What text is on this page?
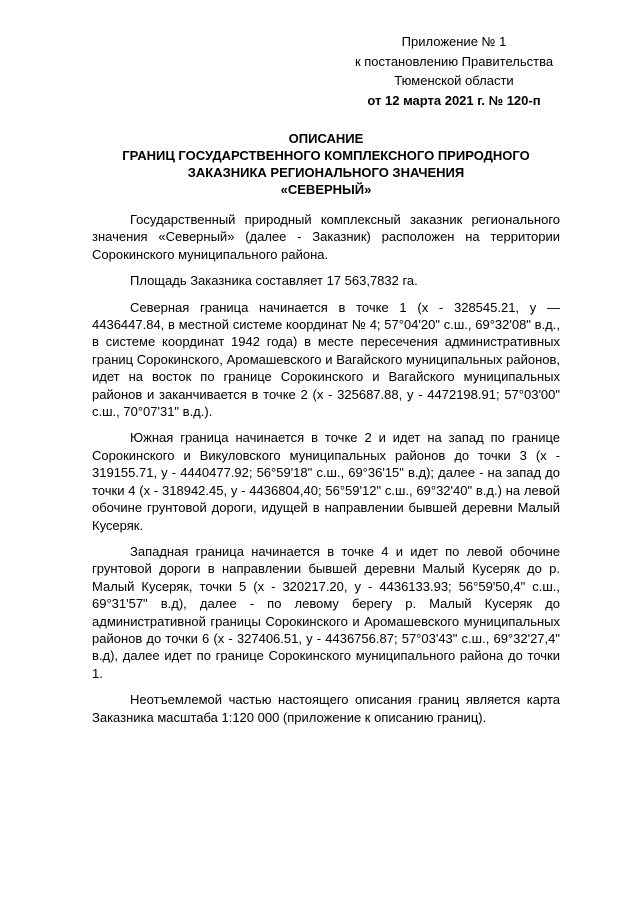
Приложение № 1
к постановлению Правительства
Тюменской области
от 12 марта 2021 г. № 120-п
ОПИСАНИЕ
ГРАНИЦ ГОСУДАРСТВЕННОГО КОМПЛЕКСНОГО ПРИРОДНОГО
ЗАКАЗНИКА РЕГИОНАЛЬНОГО ЗНАЧЕНИЯ
«СЕВЕРНЫЙ»

Государственный природный комплексный заказник регионального значения «Северный» (далее - Заказник) расположен на территории Сорокинского муниципального района.

Площадь Заказника составляет 17 563,7832 га.

Северная граница начинается в точке 1 (х - 328545.21, у — 4436447.84, в местной системе координат № 4; 57°04'20" с.ш., 69°32'08" в.д., в системе координат 1942 года) в месте пересечения административных границ Сорокинского, Аромашевского и Вагайского муниципальных районов, идет на восток по границе Сорокинского и Вагайского муниципальных районов и заканчивается в точке 2 (х - 325687.88, у - 4472198.91; 57°03'00" с.ш., 70°07'31" в.д.).

Южная граница начинается в точке 2 и идет на запад по границе Сорокинского и Викуловского муниципальных районов до точки 3 (х - 319155.71, у - 4440477.92; 56°59'18" с.ш., 69°36'15" в.д); далее - на запад до точки 4 (х - 318942.45, у - 4436804,40; 56°59'12" с.ш., 69°32'40" в.д.) на левой обочине грунтовой дороги, идущей в направлении бывшей деревни Малый Кусеряк.

Западная граница начинается в точке 4 и идет по левой обочине грунтовой дороги в направлении бывшей деревни Малый Кусеряк до р. Малый Кусеряк, точки 5 (х - 320217.20, у - 4436133.93; 56°59'50,4" с.ш., 69°31'57" в.д), далее - по левому берегу р. Малый Кусеряк до административной границы Сорокинского и Аромашевского муниципальных районов до точки 6 (х - 327406.51, у - 4436756.87; 57°03'43" с.ш., 69°32'27,4" в.д), далее идет по границе Сорокинского муниципального района до точки 1.

Неотъемлемой частью настоящего описания границ является карта Заказника масштаба 1:120 000 (приложение к описанию границ).
